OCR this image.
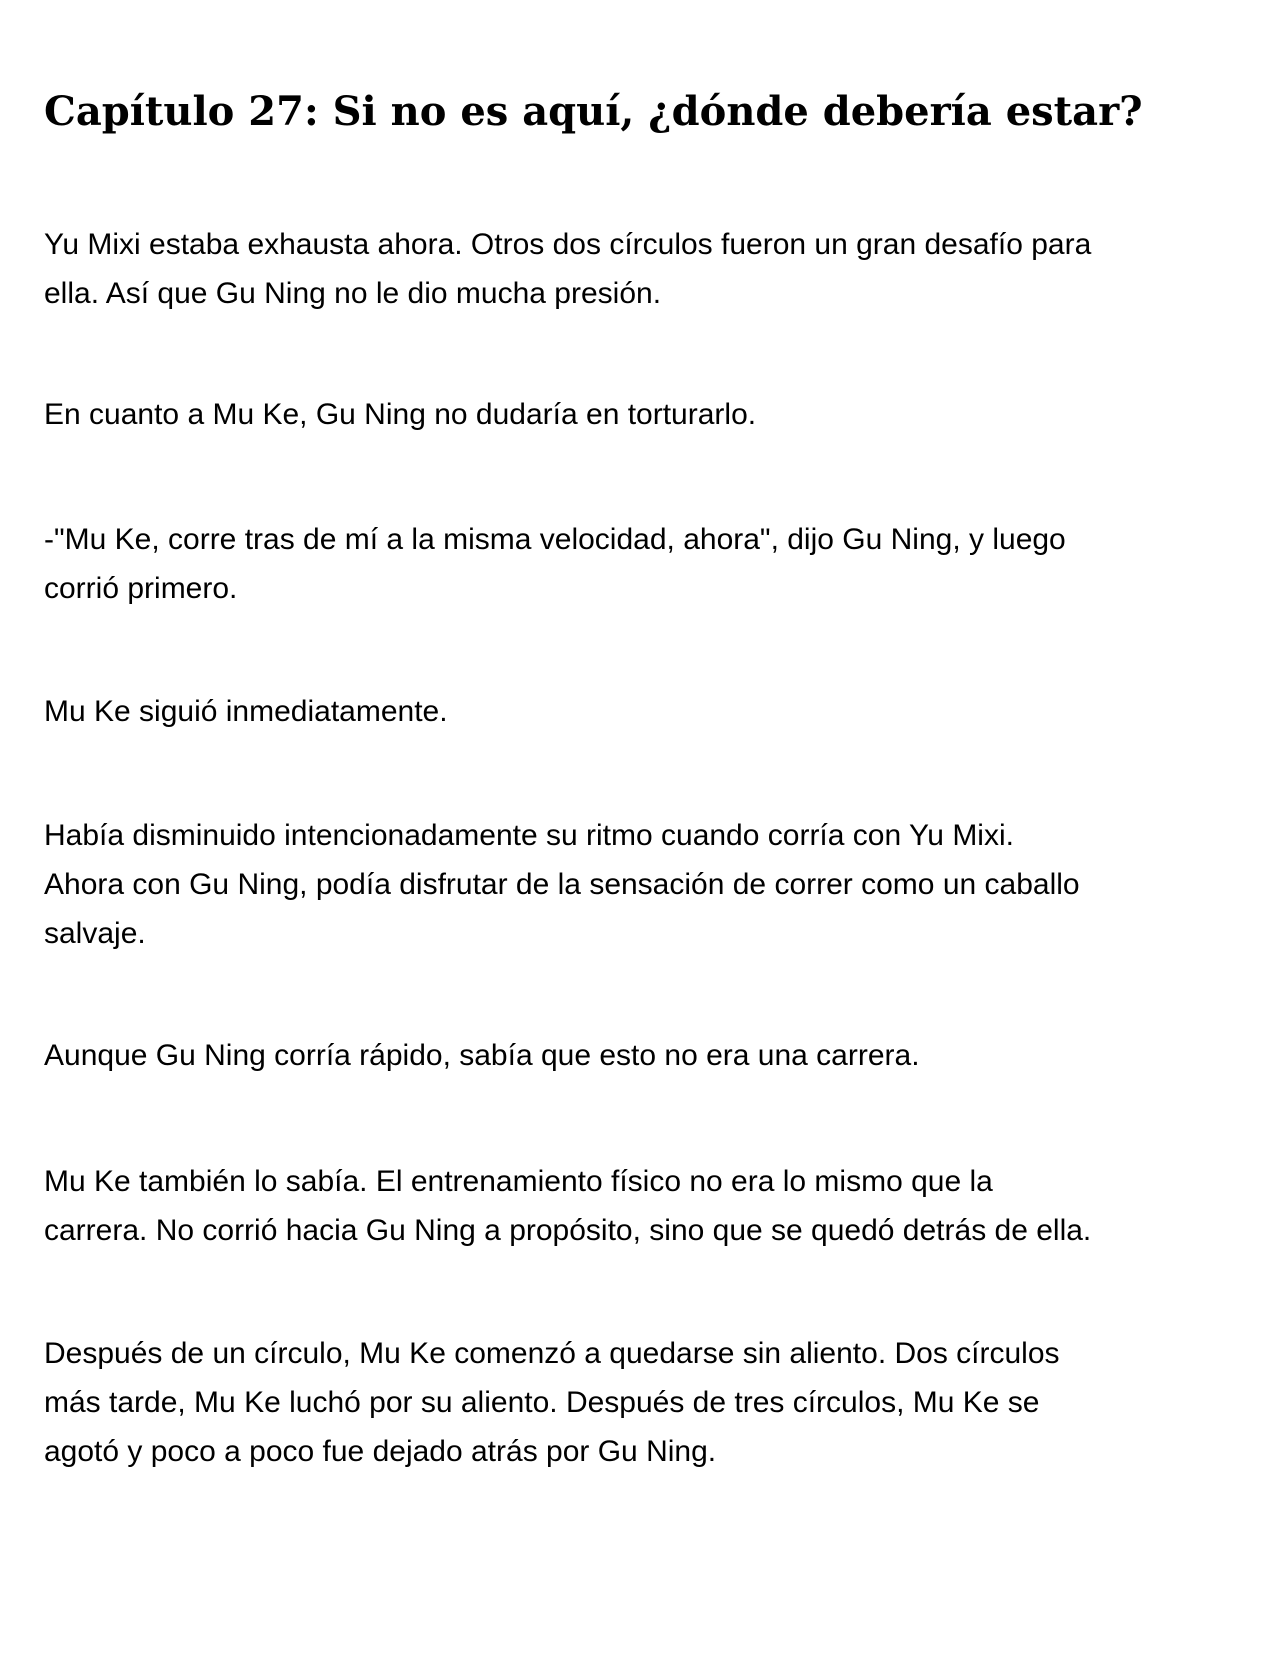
Capítulo 27: Si no es aquí, ¿dónde debería estar?

Yu Mixi estaba exhausta ahora. Otros dos círculos fueron un gran desafío para
ella. Así que Gu Ning no le dio mucha presión.

En cuanto a Mu Ke, Gu Ning no dudaría en torturarlo.

-"Mu Ke, corre tras de mí a la misma velocidad, ahora", dijo Gu Ning, y luego
corrió primero.

Mu Ke siguió inmediatamente.

Había disminuido intencionadamente su ritmo cuando corría con Yu Mixi.
Ahora con Gu Ning, podía disfrutar de la sensación de correr como un caballo
salvaje.

Aunque Gu Ning corría rápido, sabía que esto no era una carrera.

Mu Ke también lo sabía. El entrenamiento físico no era lo mismo que la
carrera. No corrió hacia Gu Ning a propósito, sino que se quedó detrás de ella.

Después de un círculo, Mu Ke comenzó a quedarse sin aliento. Dos círculos
más tarde, Mu Ke luchó por su aliento. Después de tres círculos, Mu Ke se
agotó y poco a poco fue dejado atrás por Gu Ning.
